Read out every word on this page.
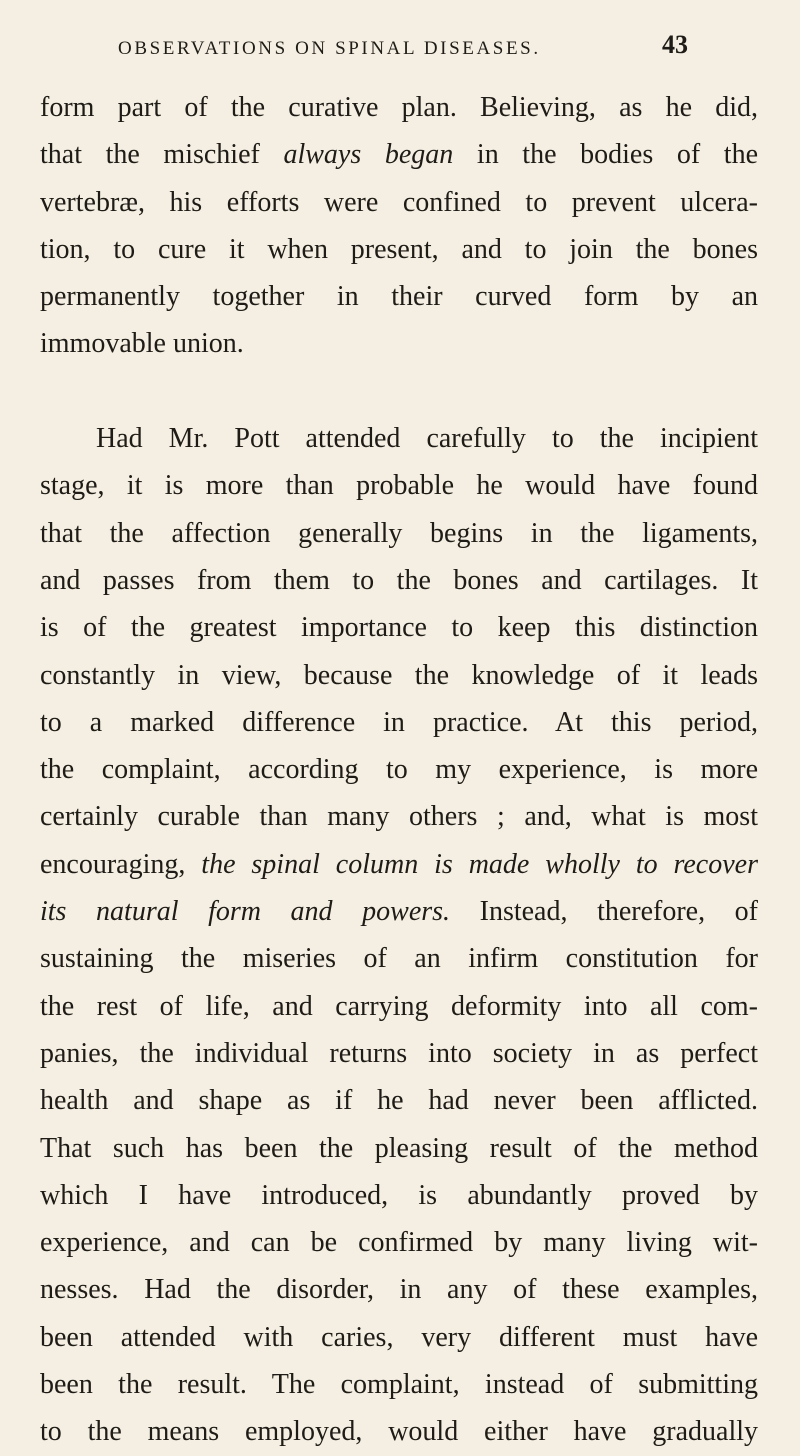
OBSERVATIONS ON SPINAL DISEASES.	43
form part of the curative plan. Believing, as he did,
that the mischief always began in the bodies of the
vertebræ, his efforts were confined to prevent ulcera-
tion, to cure it when present, and to join the bones
permanently together in their curved form by an
immovable union.
Had Mr. Pott attended carefully to the incipient
stage, it is more than probable he would have found
that the affection generally begins in the ligaments,
and passes from them to the bones and cartilages. It
is of the greatest importance to keep this distinction
constantly in view, because the knowledge of it leads
to a marked difference in practice. At this period,
the complaint, according to my experience, is more
certainly curable than many others ; and, what is most
encouraging, the spinal column is made wholly to recover
its natural form and powers. Instead, therefore, of
sustaining the miseries of an infirm constitution for
the rest of life, and carrying deformity into all com-
panies, the individual returns into society in as perfect
health and shape as if he had never been afflicted.
That such has been the pleasing result of the method
which I have introduced, is abundantly proved by
experience, and can be confirmed by many living wit-
nesses. Had the disorder, in any of these examples,
been attended with caries, very different must have
been the result. The complaint, instead of submitting
to the means employed, would either have gradually
